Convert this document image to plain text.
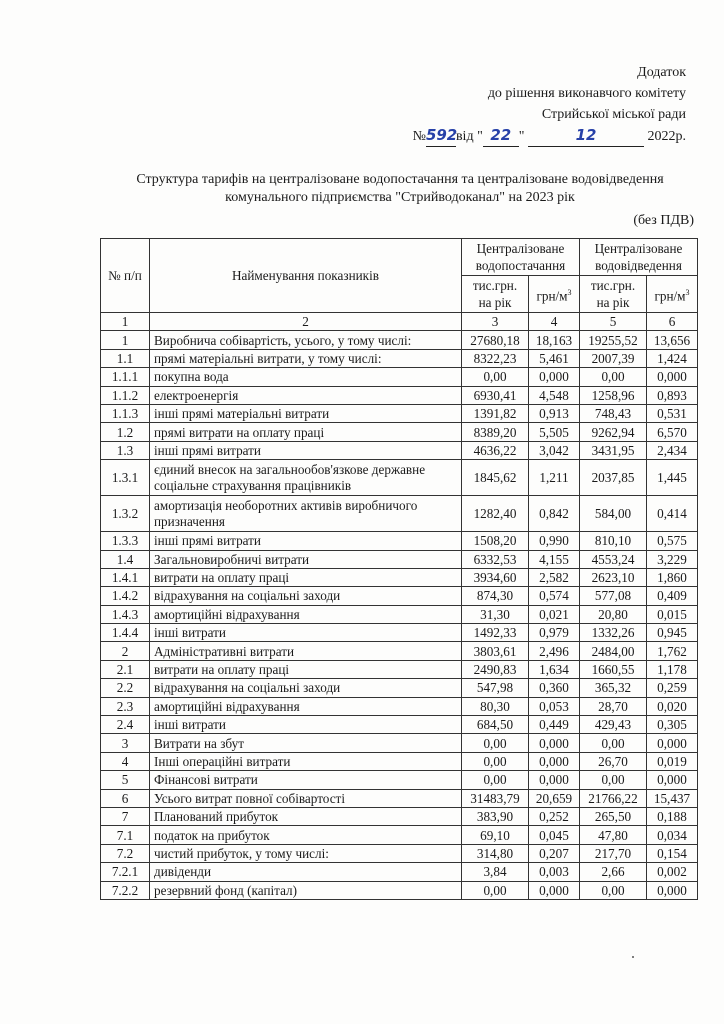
Додаток
до рішення виконавчого комітету
Стрийської міської ради
№ 592
від
" 22 "
	12
	2022р.
Структура тарифів на централізоване водопостачання та централізоване водовідведення
комунального підприємства "Стрийводоканал" на 2023 рік
(без ПДВ)
№ п/п	Найменування показників	Централізоване водопостачання		Централізоване водовідведення	
		тис.грн. на рік	грн/$м^3$	тис.грн. на рік	грн/$м^3$
1	2	3	4	5	6
1	Виробнича собівартість, усього, у тому числі:	27680,18	18,163	19255,52	13,656
1.1	прямі матеріальні витрати, у тому числі:	8322,23	5,461	2007,39	1,424
1.1.1	покупна вода	0,00	0,000	0,00	0,000
1.1.2	електроенергія	6930,41	4,548	1258,96	0,893
1.1.3	інші прямі матеріальні витрати	1391,82	0,913	748,43	0,531
1.2	прямі витрати на оплату праці	8389,20	5,505	9262,94	6,570
1.3	інші прямі витрати	4636,22	3,042	3431,95	2,434
1.3.1	єдиний внесок на загальнообов'язкове державне соціальне страхування працівників	1845,62	1,211	2037,85	1,445
1.3.2	амортизація необоротних активів виробничого призначення	1282,40	0,842	584,00	0,414
1.3.3	інші прямі витрати	1508,20	0,990	810,10	0,575
1.4	Загальновиробничі витрати	6332,53	4,155	4553,24	3,229
1.4.1	витрати на оплату праці	3934,60	2,582	2623,10	1,860
1.4.2	відрахування на соціальні заходи	874,30	0,574	577,08	0,409
1.4.3	амортиційні відрахування	31,30	0,021	20,80	0,015
1.4.4	інші витрати	1492,33	0,979	1332,26	0,945
2	Адміністративні витрати	3803,61	2,496	2484,00	1,762
2.1	витрати на оплату праці	2490,83	1,634	1660,55	1,178
2.2	відрахування на соціальні заходи	547,98	0,360	365,32	0,259
2.3	амортиційні відрахування	80,30	0,053	28,70	0,020
2.4	інші витрати	684,50	0,449	429,43	0,305
3	Витрати на збут	0,00	0,000	0,00	0,000
4	Інші операційні витрати	0,00	0,000	26,70	0,019
5	Фінансові витрати	0,00	0,000	0,00	0,000
6	Усього витрат повної собівартості	31483,79	20,659	21766,22	15,437
7	Планований прибуток	383,90	0,252	265,50	0,188
7.1	податок на прибуток	69,10	0,045	47,80	0,034
7.2	чистий прибуток, у тому числі:	314,80	0,207	217,70	0,154
7.2.1	дивіденди	3,84	0,003	2,66	0,002
7.2.2	резервний фонд (капітал)	0,00	0,000	0,00	0,000
